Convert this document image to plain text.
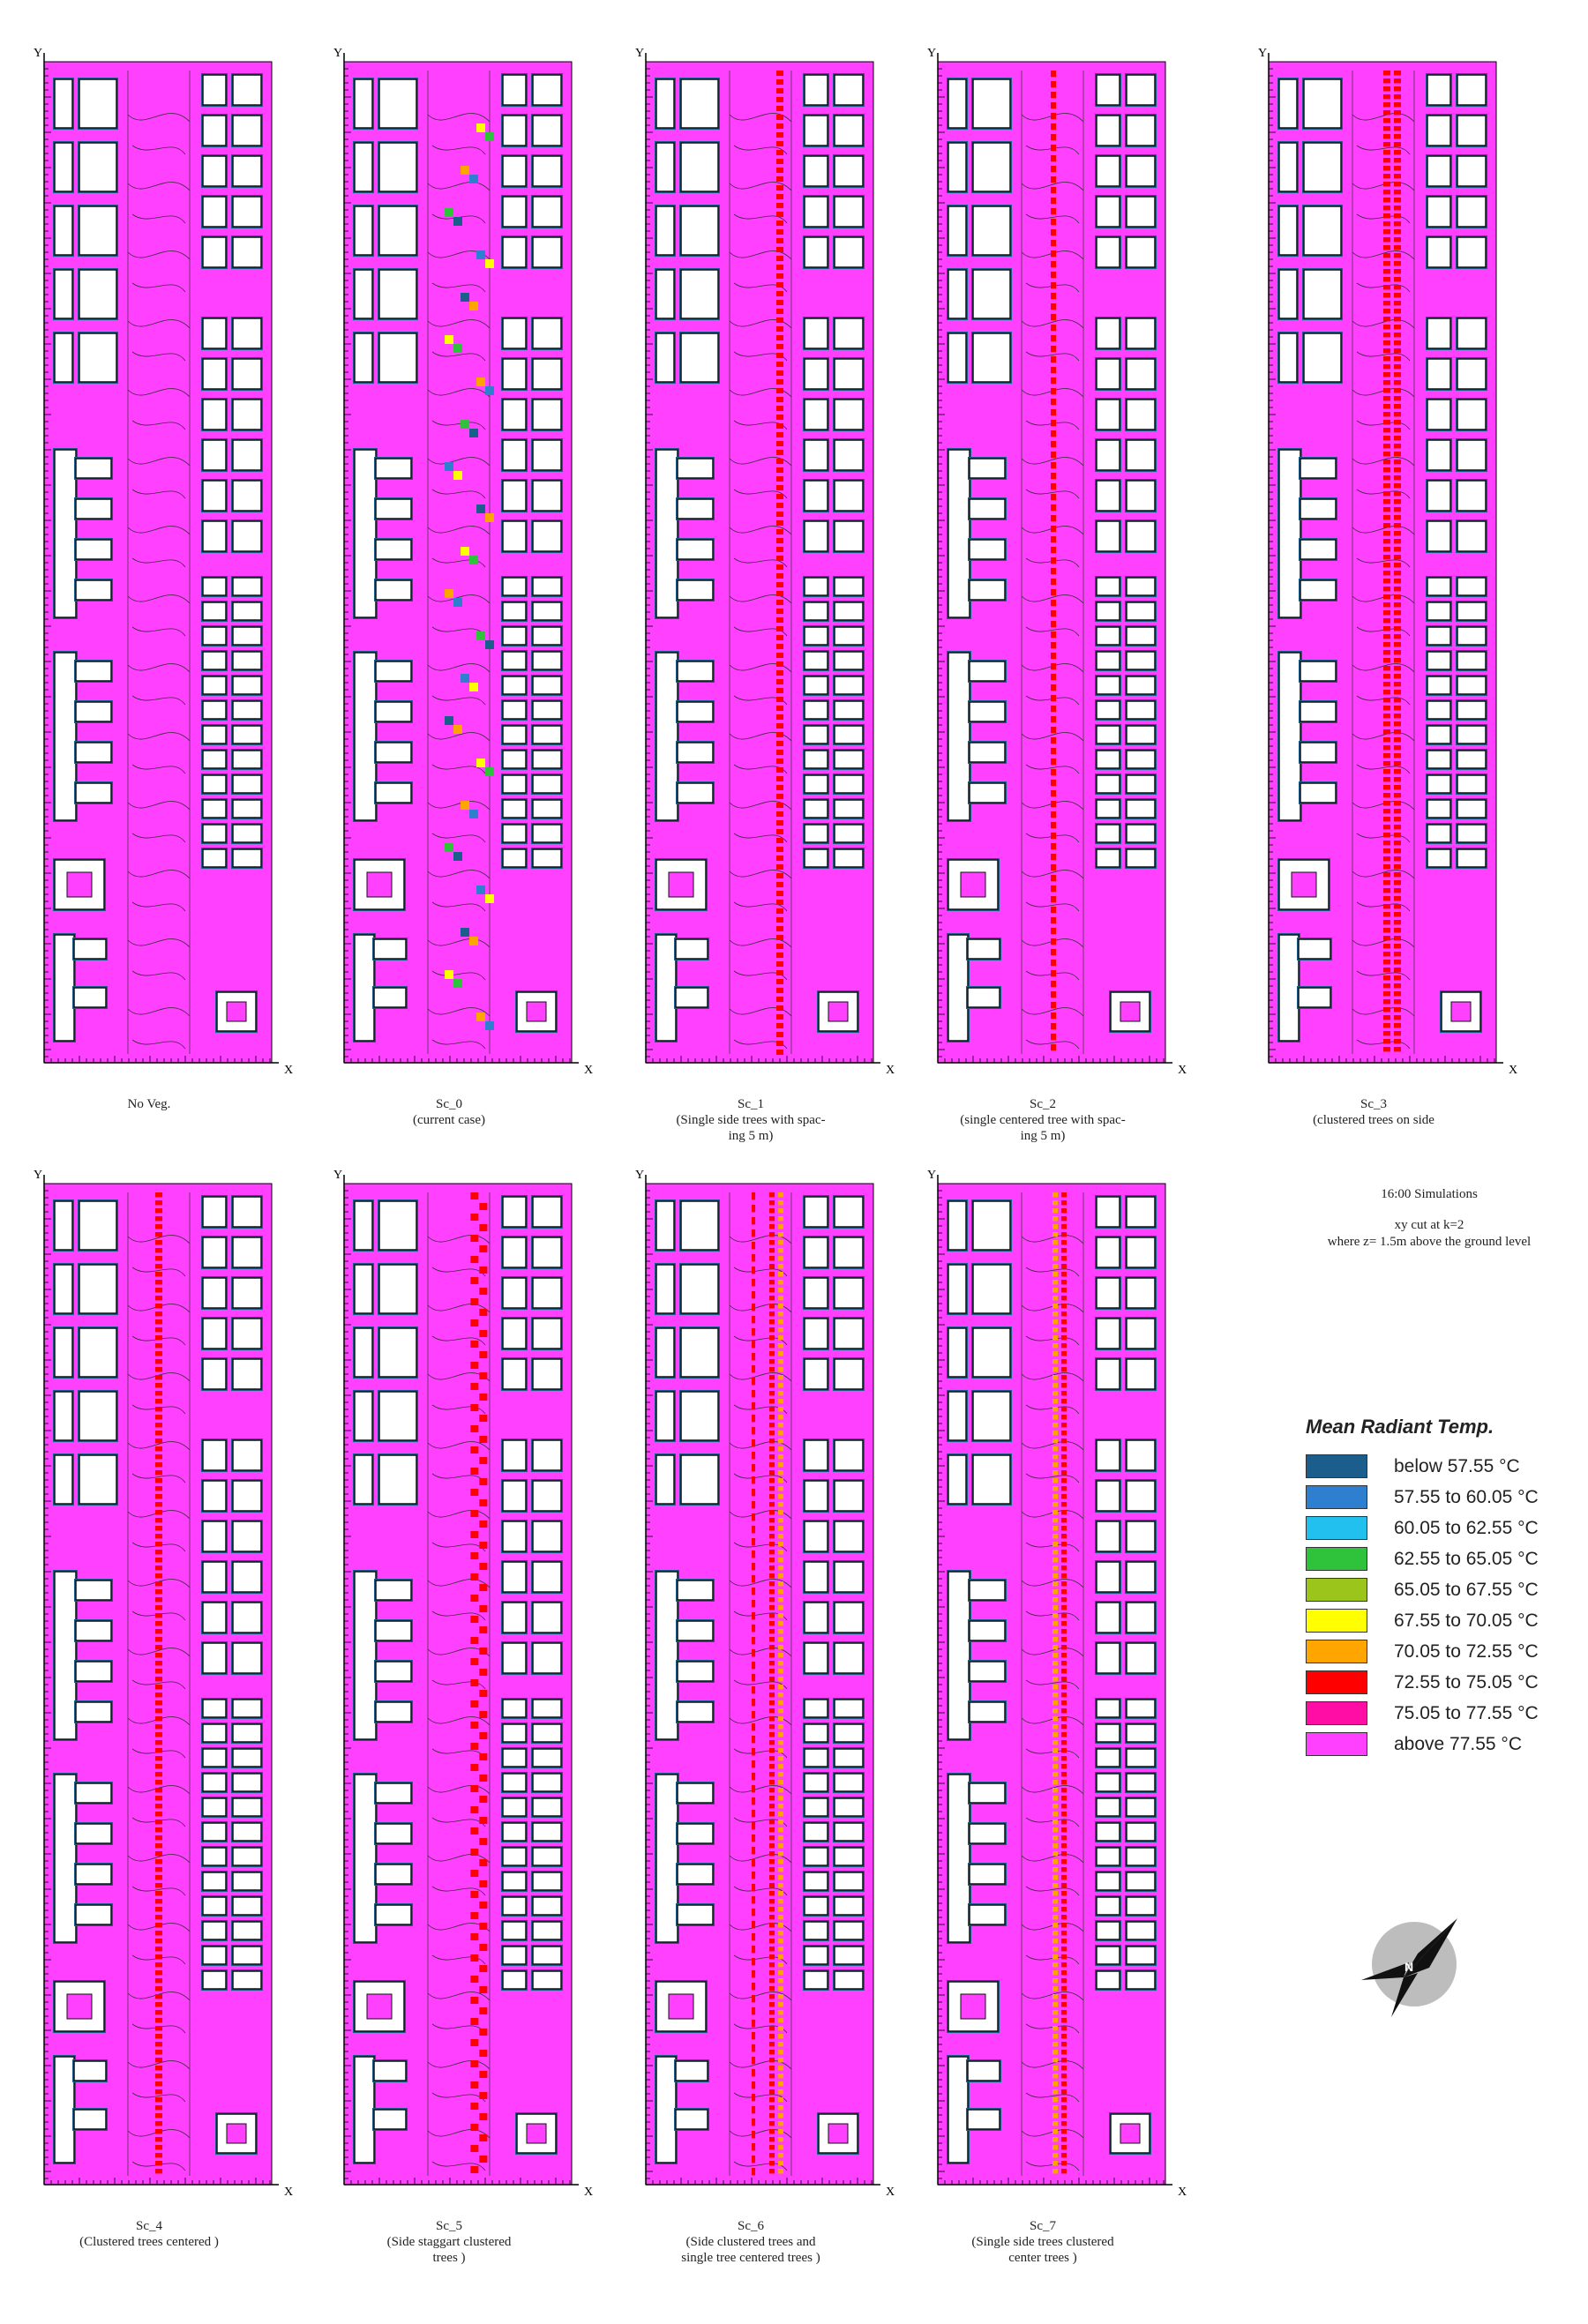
X
Y
X
Y
X
Y
X
Y
X
Y
X
Y
X
Y
X
Y
X
Y
16:00 Simulations
xy cut at k=2
where z= 1.5m above the ground level
Mean Radiant Temp.
below 57.55 °C
57.55 to 60.05 °C
60.05 to 62.55 °C
62.55 to 65.05 °C
65.05 to 67.55 °C
67.55 to 70.05 °C
70.05 to 72.55 °C
72.55 to 75.05 °C
75.05 to 77.55 °C
above 77.55 °C
N
No Veg.	Sc_0
(current case)
Sc_1
(Single side trees with spac-
ing 5 m)
Sc_2
(single centered tree with spac-
ing 5 m)
Sc_3
(clustered trees on side
Sc_4
(Clustered trees centered )
Sc_5
(Side staggart clustered
trees )
Sc_6
(Side clustered trees and
single tree centered trees )
Sc_7
(Single side trees clustered
center trees )
